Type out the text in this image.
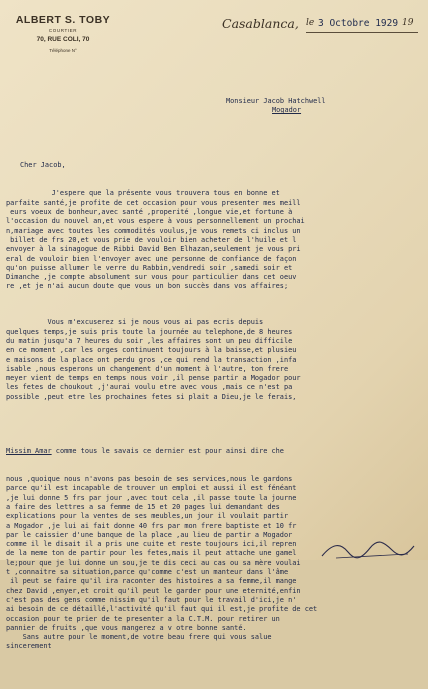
ALBERT S. TOBY
COURTIER
70, RUE COLI, 70
Téléphone N°
Casablanca, le 3 Octobre 1929 19
Monsieur Jacob Hatchwell
Mogador

Cher Jacob,

J'espere que la présente vous trouvera tous en bonne et
parfaite santé,je profite de cet occasion pour vous presenter mes meill
eurs voeux de bonheur,avec santé ,properité ,longue vie,et fortune à
l'occasion du nouvel an,et vous espere à vous personnellement un prochai
n,mariage avec toutes les commodités voulus,je vous remets ci inclus un
billet de frs 20,et vous prie de vouloir bien acheter de l'huile et l
envoyer à la sinagogue de Ribbi David Ben Elhazan,seulement je vous pri
eral de vouloir bien l'envoyer avec une personne de confiance de façon
qu'on puisse allumer le verre du Rabbin,vendredi soir ,samedi soir et
Dimanche ,je compte absolument sur vous pour particulier dans cet oeuv
re ,et je n'ai aucun doute que vous un bon succès dans vos affaires;

Vous m'excuserez si je nous vous ai pas ecris depuis
quelques temps,je suis pris toute la journée au telephone,de 8 heures
du matin jusqu'a 7 heures du soir ,les affaires sont un peu difficile
en ce moment ,car les orges continuent toujours à la baisse,et plusieu
e maisons de la place ont perdu gros ,ce qui rend la transaction ,infa
isable ,nous esperons un changement d'un moment à l'autre, ton frere
meyer vient de temps en temps nous voir ,il pense partir a Mogador pour
les fetes de choukout ,j'aurai voulu etre avec vous ,mais ce n'est pa
possible ,peut etre les prochaines fetes si plait a Dieu,je le ferais,

Missim Amar comme tous le savais ce dernier est pour ainsi dire che

nous ,quoique nous n'avons pas besoin de ses services,nous le gardons
parce qu'il est incapable de trouver un emploi et aussi il est fénéant
,je lui donne 5 frs par jour ,avec tout cela ,il passe toute la journe
a faire des lettres a sa femme de 15 et 20 pages lui demandant des
explications pour la ventes de ses meubles,un jour il voulait partir
a Mogador ,je lui ai fait donne 40 frs par mon frere baptiste et 10 fr
par le caissier d'une banque de la place ,au lieu de partir a Mogador
comme il le disait il a pris une cuite et reste toujours ici,il repren
de la meme ton de partir pour les fetes,mais il peut attache une gamel
le;pour que je lui donne un sou,je te dis ceci au cas ou sa mère voulai
t ,connaitre sa situation,parce qu'comme c'est un manteur dans l'âme
il peut se faire qu'il ira raconter des histoires a sa femme,il mange
chez David ,enyer,et croit qu'il peut le garder pour une eternité,enfin
c'est pas des gens comme nissim qu'il faut pour le travail d'ici,je n'
ai besoin de ce détaillé,l'activité qu'il faut qui il est,je profite de cet
occasion pour te prier de te presenter a la C.T.M. pour retirer un
pannier de fruits ,que vous mangerez a v otre bonne santé.
Sans autre pour le moment,de votre beau frere qui vous salue
sincerement
